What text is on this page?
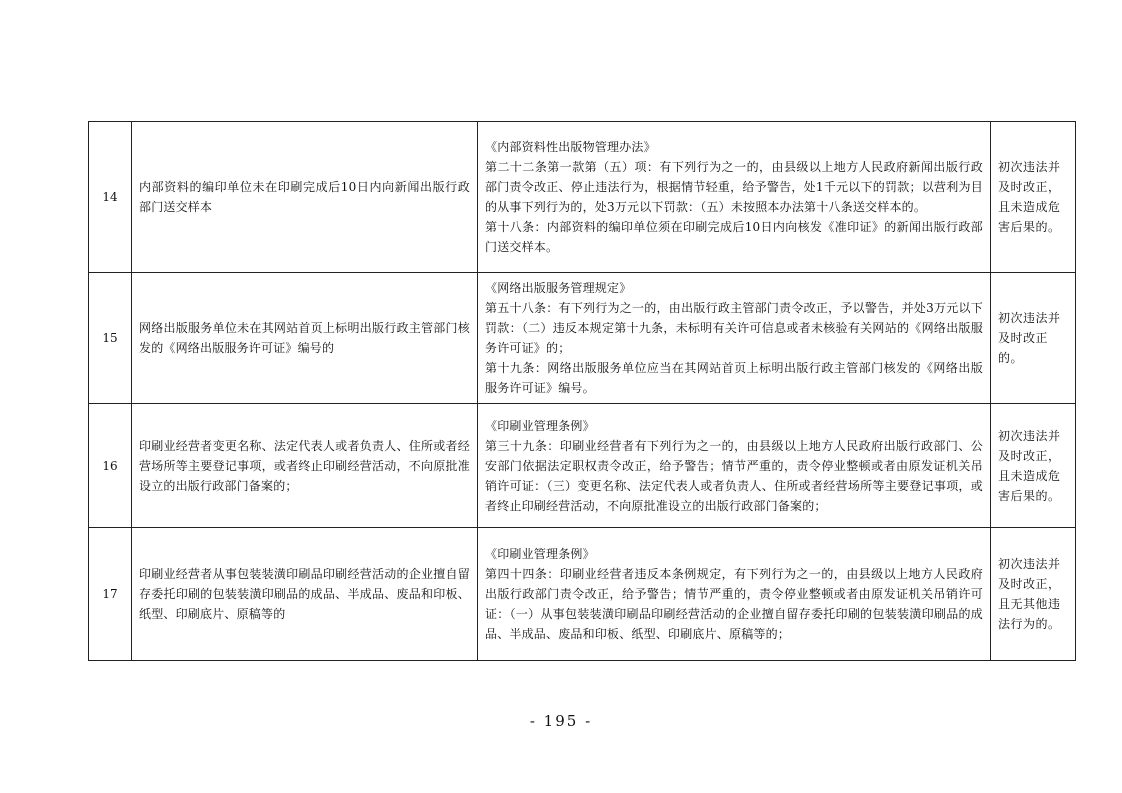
14	内部资料的编印单位未在印刷完成后10日内向新闻出版行政部门送交样本	《内部资料性出版物管理办法》
第二十二条第一款第（五）项：有下列行为之一的，由县级以上地方人民政府新闻出版行政部门责令改正、停止违法行为，根据情节轻重，给予警告，处1千元以下的罚款；以营利为目的从事下列行为的，处3万元以下罚款：（五）未按照本办法第十八条送交样本的。
第十八条：内部资料的编印单位须在印刷完成后10日内向核发《准印证》的新闻出版行政部门送交样本。	初次违法并及时改正，且未造成危害后果的。
15	网络出版服务单位未在其网站首页上标明出版行政主管部门核发的《网络出版服务许可证》编号的	《网络出版服务管理规定》
第五十八条：有下列行为之一的，由出版行政主管部门责令改正，予以警告，并处3万元以下罚款：（二）违反本规定第十九条，未标明有关许可信息或者未核验有关网站的《网络出版服务许可证》的；
第十九条：网络出版服务单位应当在其网站首页上标明出版行政主管部门核发的《网络出版服务许可证》编号。	初次违法并及时改正的。
16	印刷业经营者变更名称、法定代表人或者负责人、住所或者经营场所等主要登记事项，或者终止印刷经营活动，不向原批准设立的出版行政部门备案的；	《印刷业管理条例》
第三十九条：印刷业经营者有下列行为之一的，由县级以上地方人民政府出版行政部门、公安部门依据法定职权责令改正，给予警告；情节严重的，责令停业整顿或者由原发证机关吊销许可证：（三）变更名称、法定代表人或者负责人、住所或者经营场所等主要登记事项，或者终止印刷经营活动，不向原批准设立的出版行政部门备案的；	初次违法并及时改正，且未造成危害后果的。
17	印刷业经营者从事包装装潢印刷品印刷经营活动的企业擅自留存委托印刷的包装装潢印刷品的成品、半成品、废品和印板、纸型、印刷底片、原稿等的	《印刷业管理条例》
第四十四条：印刷业经营者违反本条例规定，有下列行为之一的，由县级以上地方人民政府出版行政部门责令改正，给予警告；情节严重的，责令停业整顿或者由原发证机关吊销许可证：（一）从事包装装潢印刷品印刷经营活动的企业擅自留存委托印刷的包装装潢印刷品的成品、半成品、废品和印板、纸型、印刷底片、原稿等的；	初次违法并及时改正，且无其他违法行为的。
- 195 -
